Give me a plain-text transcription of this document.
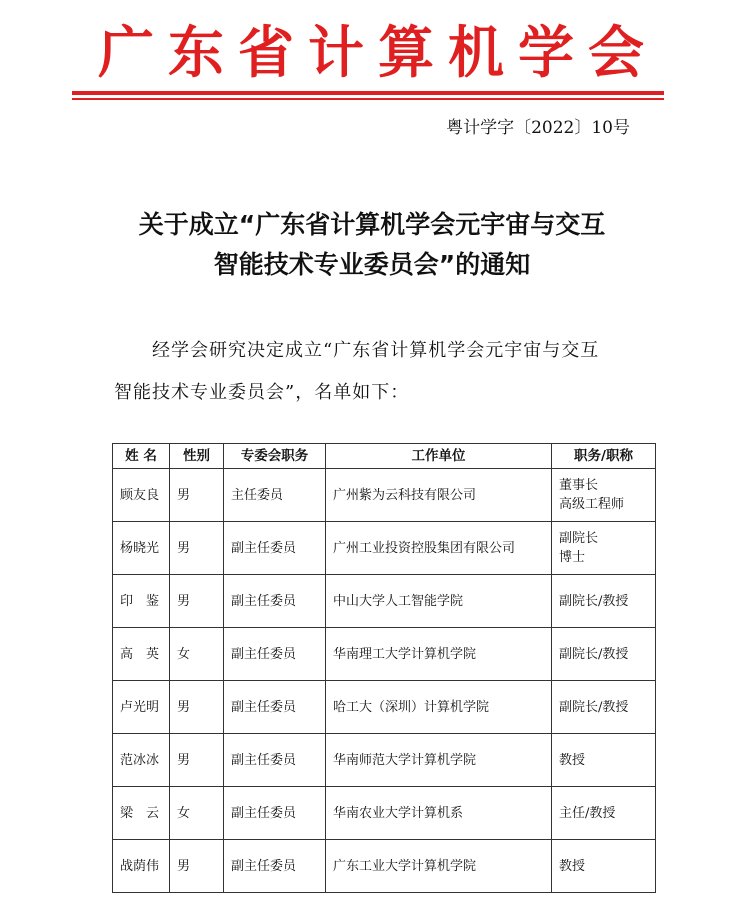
广东省计算机学会
粤计学字〔2022〕10号
关于成立“广东省计算机学会元宇宙与交互
智能技术专业委员会”的通知
经学会研究决定成立“广东省计算机学会元宇宙与交互
智能技术专业委员会”，名单如下：
姓 名	性别	专委会职务	工作单位	职务/职称
顾友良	男	主任委员	广州紫为云科技有限公司	董事长
高级工程师

杨晓光	男	副主任委员	广州工业投资控股集团有限公司	副院长
博士

印　鉴	男	副主任委员	中山大学人工智能学院	副院长/教授
高　英	女	副主任委员	华南理工大学计算机学院	副院长/教授
卢光明	男	副主任委员	哈工大（深圳）计算机学院	副院长/教授
范冰冰	男	副主任委员	华南师范大学计算机学院	教授
梁　云	女	副主任委员	华南农业大学计算机系	主任/教授
战荫伟	男	副主任委员	广东工业大学计算机学院	教授
